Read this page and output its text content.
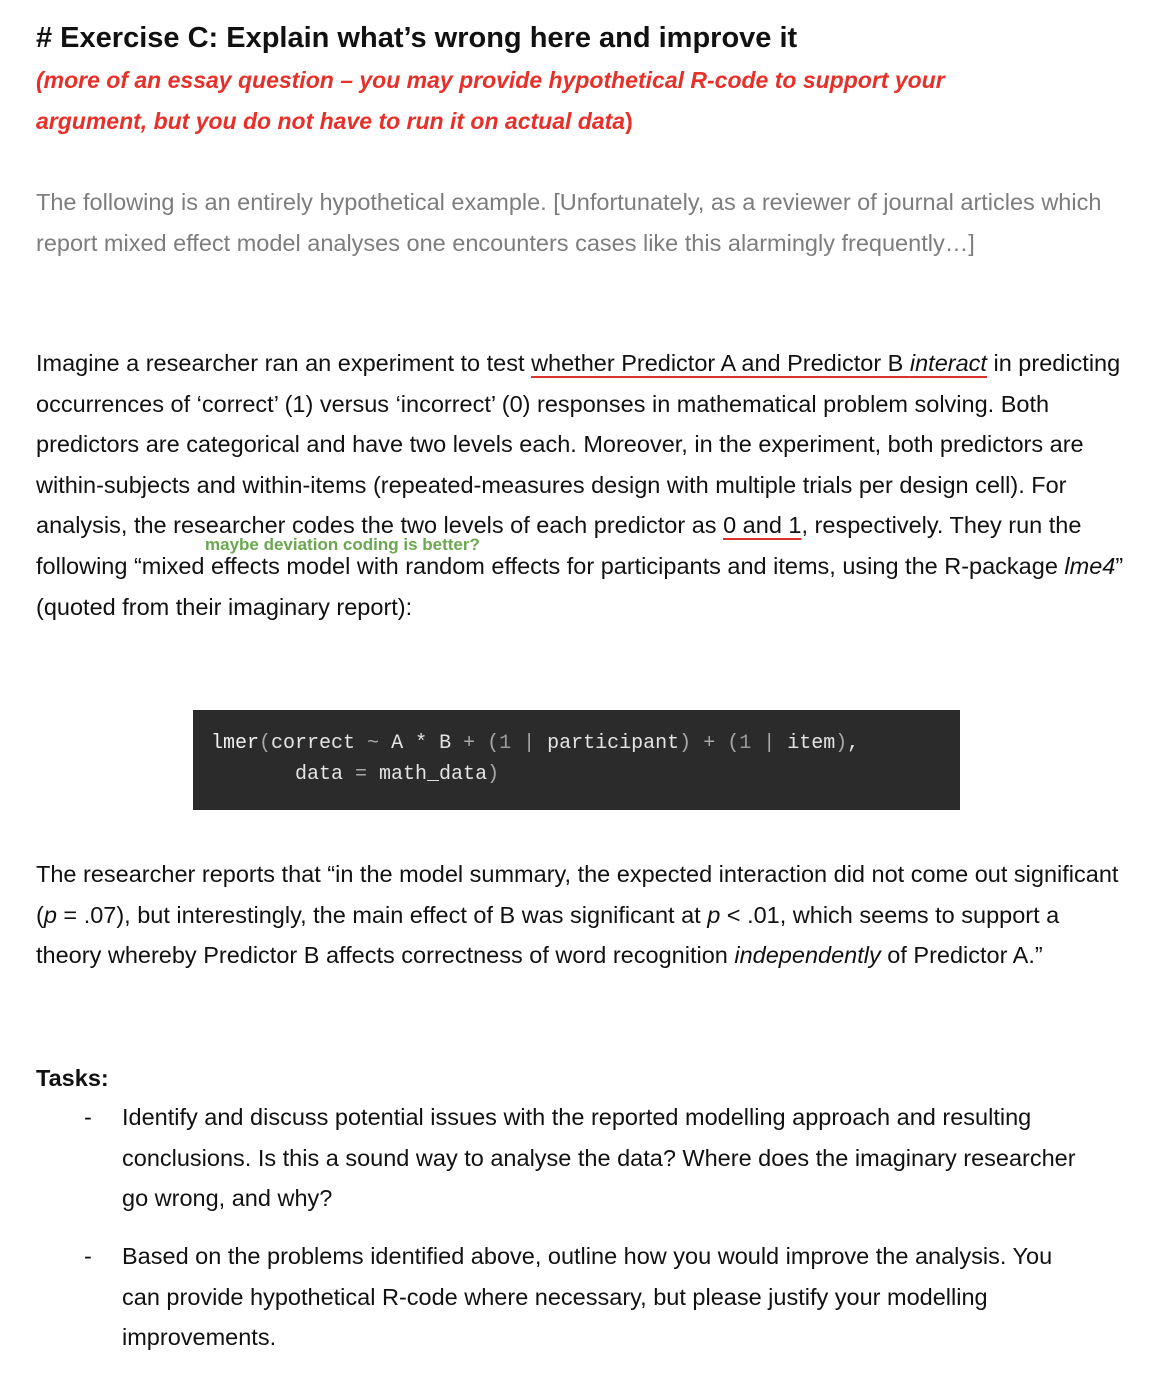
# Exercise C: Explain what’s wrong here and improve it

(more of an essay question – you may provide hypothetical R-code to support your argument, but you do not have to run it on actual data)

The following is an entirely hypothetical example. [Unfortunately, as a reviewer of journal articles which report mixed effect model analyses one encounters cases like this alarmingly frequently…]

Imagine a researcher ran an experiment to test whether Predictor A and Predictor B interact in predicting occurrences of ‘correct’ (1) versus ‘incorrect’ (0) responses in mathematical problem solving. Both predictors are categorical and have two levels each. Moreover, in the experiment, both predictors are within-subjects and within-items (repeated-measures design with multiple trials per design cell). For analysis, the researcher codes the two levels of each predictor as 0 and 1, respectively. They run the following “mixed effects model with random effects for participants and items, using the R-package lme4” (quoted from their imaginary report):

maybe deviation coding is better?
lmer(correct ~ A * B + (1 | participant) + (1 | item),
data = math_data)

The researcher reports that “in the model summary, the expected interaction did not come out significant (p = .07), but interestingly, the main effect of B was significant at p < .01, which seems to support a theory whereby Predictor B affects correctness of word recognition independently of Predictor A.”

Tasks:
- Identify and discuss potential issues with the reported modelling approach and resulting conclusions. Is this a sound way to analyse the data? Where does the imaginary researcher go wrong, and why?

- Based on the problems identified above, outline how you would improve the analysis. You can provide hypothetical R-code where necessary, but please justify your modelling improvements.
